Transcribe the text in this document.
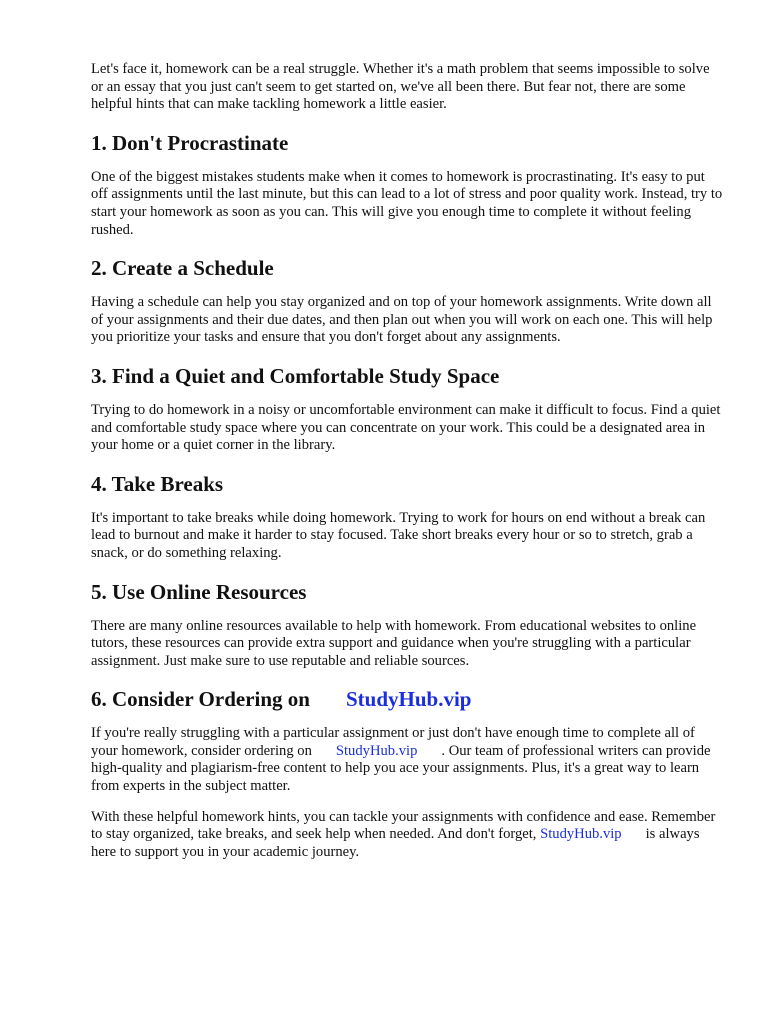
Let's face it, homework can be a real struggle. Whether it's a math problem that seems impossible to solve or an essay that you just can't seem to get started on, we've all been there. But fear not, there are some helpful hints that can make tackling homework a little easier.

1. Don't Procrastinate

One of the biggest mistakes students make when it comes to homework is procrastinating. It's easy to put off assignments until the last minute, but this can lead to a lot of stress and poor quality work. Instead, try to start your homework as soon as you can. This will give you enough time to complete it without feeling rushed.

2. Create a Schedule

Having a schedule can help you stay organized and on top of your homework assignments. Write down all of your assignments and their due dates, and then plan out when you will work on each one. This will help you prioritize your tasks and ensure that you don't forget about any assignments.

3. Find a Quiet and Comfortable Study Space

Trying to do homework in a noisy or uncomfortable environment can make it difficult to focus. Find a quiet and comfortable study space where you can concentrate on your work. This could be a designated area in your home or a quiet corner in the library.

4. Take Breaks

It's important to take breaks while doing homework. Trying to work for hours on end without a break can lead to burnout and make it harder to stay focused. Take short breaks every hour or so to stretch, grab a snack, or do something relaxing.

5. Use Online Resources

There are many online resources available to help with homework. From educational websites to online tutors, these resources can provide extra support and guidance when you're struggling with a particular assignment. Just make sure to use reputable and reliable sources.

6. Consider Ordering on StudyHub.vip

If you're really struggling with a particular assignment or just don't have enough time to complete all of your homework, consider ordering on StudyHub.vip . Our team of professional writers can provide high-quality and plagiarism-free content to help you ace your assignments. Plus, it's a great way to learn from experts in the subject matter.

With these helpful homework hints, you can tackle your assignments with confidence and ease. Remember to stay organized, take breaks, and seek help when needed. And don't forget, StudyHub.vip is always here to support you in your academic journey.
